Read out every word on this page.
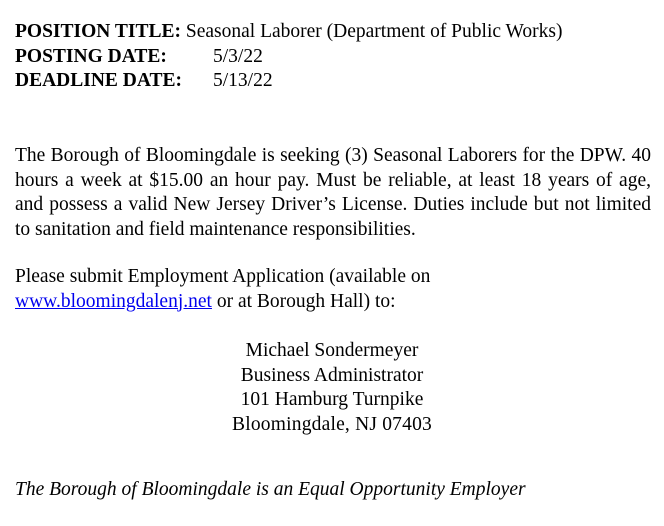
POSITION TITLE: Seasonal Laborer (Department of Public Works)
POSTING DATE: 5/3/22
DEADLINE DATE: 5/13/22

The Borough of Bloomingdale is seeking (3) Seasonal Laborers for the DPW. 40 hours a week at $15.00 an hour pay. Must be reliable, at least 18 years of age, and possess a valid New Jersey Driver’s License. Duties include but not limited to sanitation and field maintenance responsibilities.

Please submit Employment Application (available on
www.bloomingdalenj.net or at Borough Hall) to:
Michael Sondermeyer
Business Administrator
101 Hamburg Turnpike
Bloomingdale, NJ 07403

The Borough of Bloomingdale is an Equal Opportunity Employer
